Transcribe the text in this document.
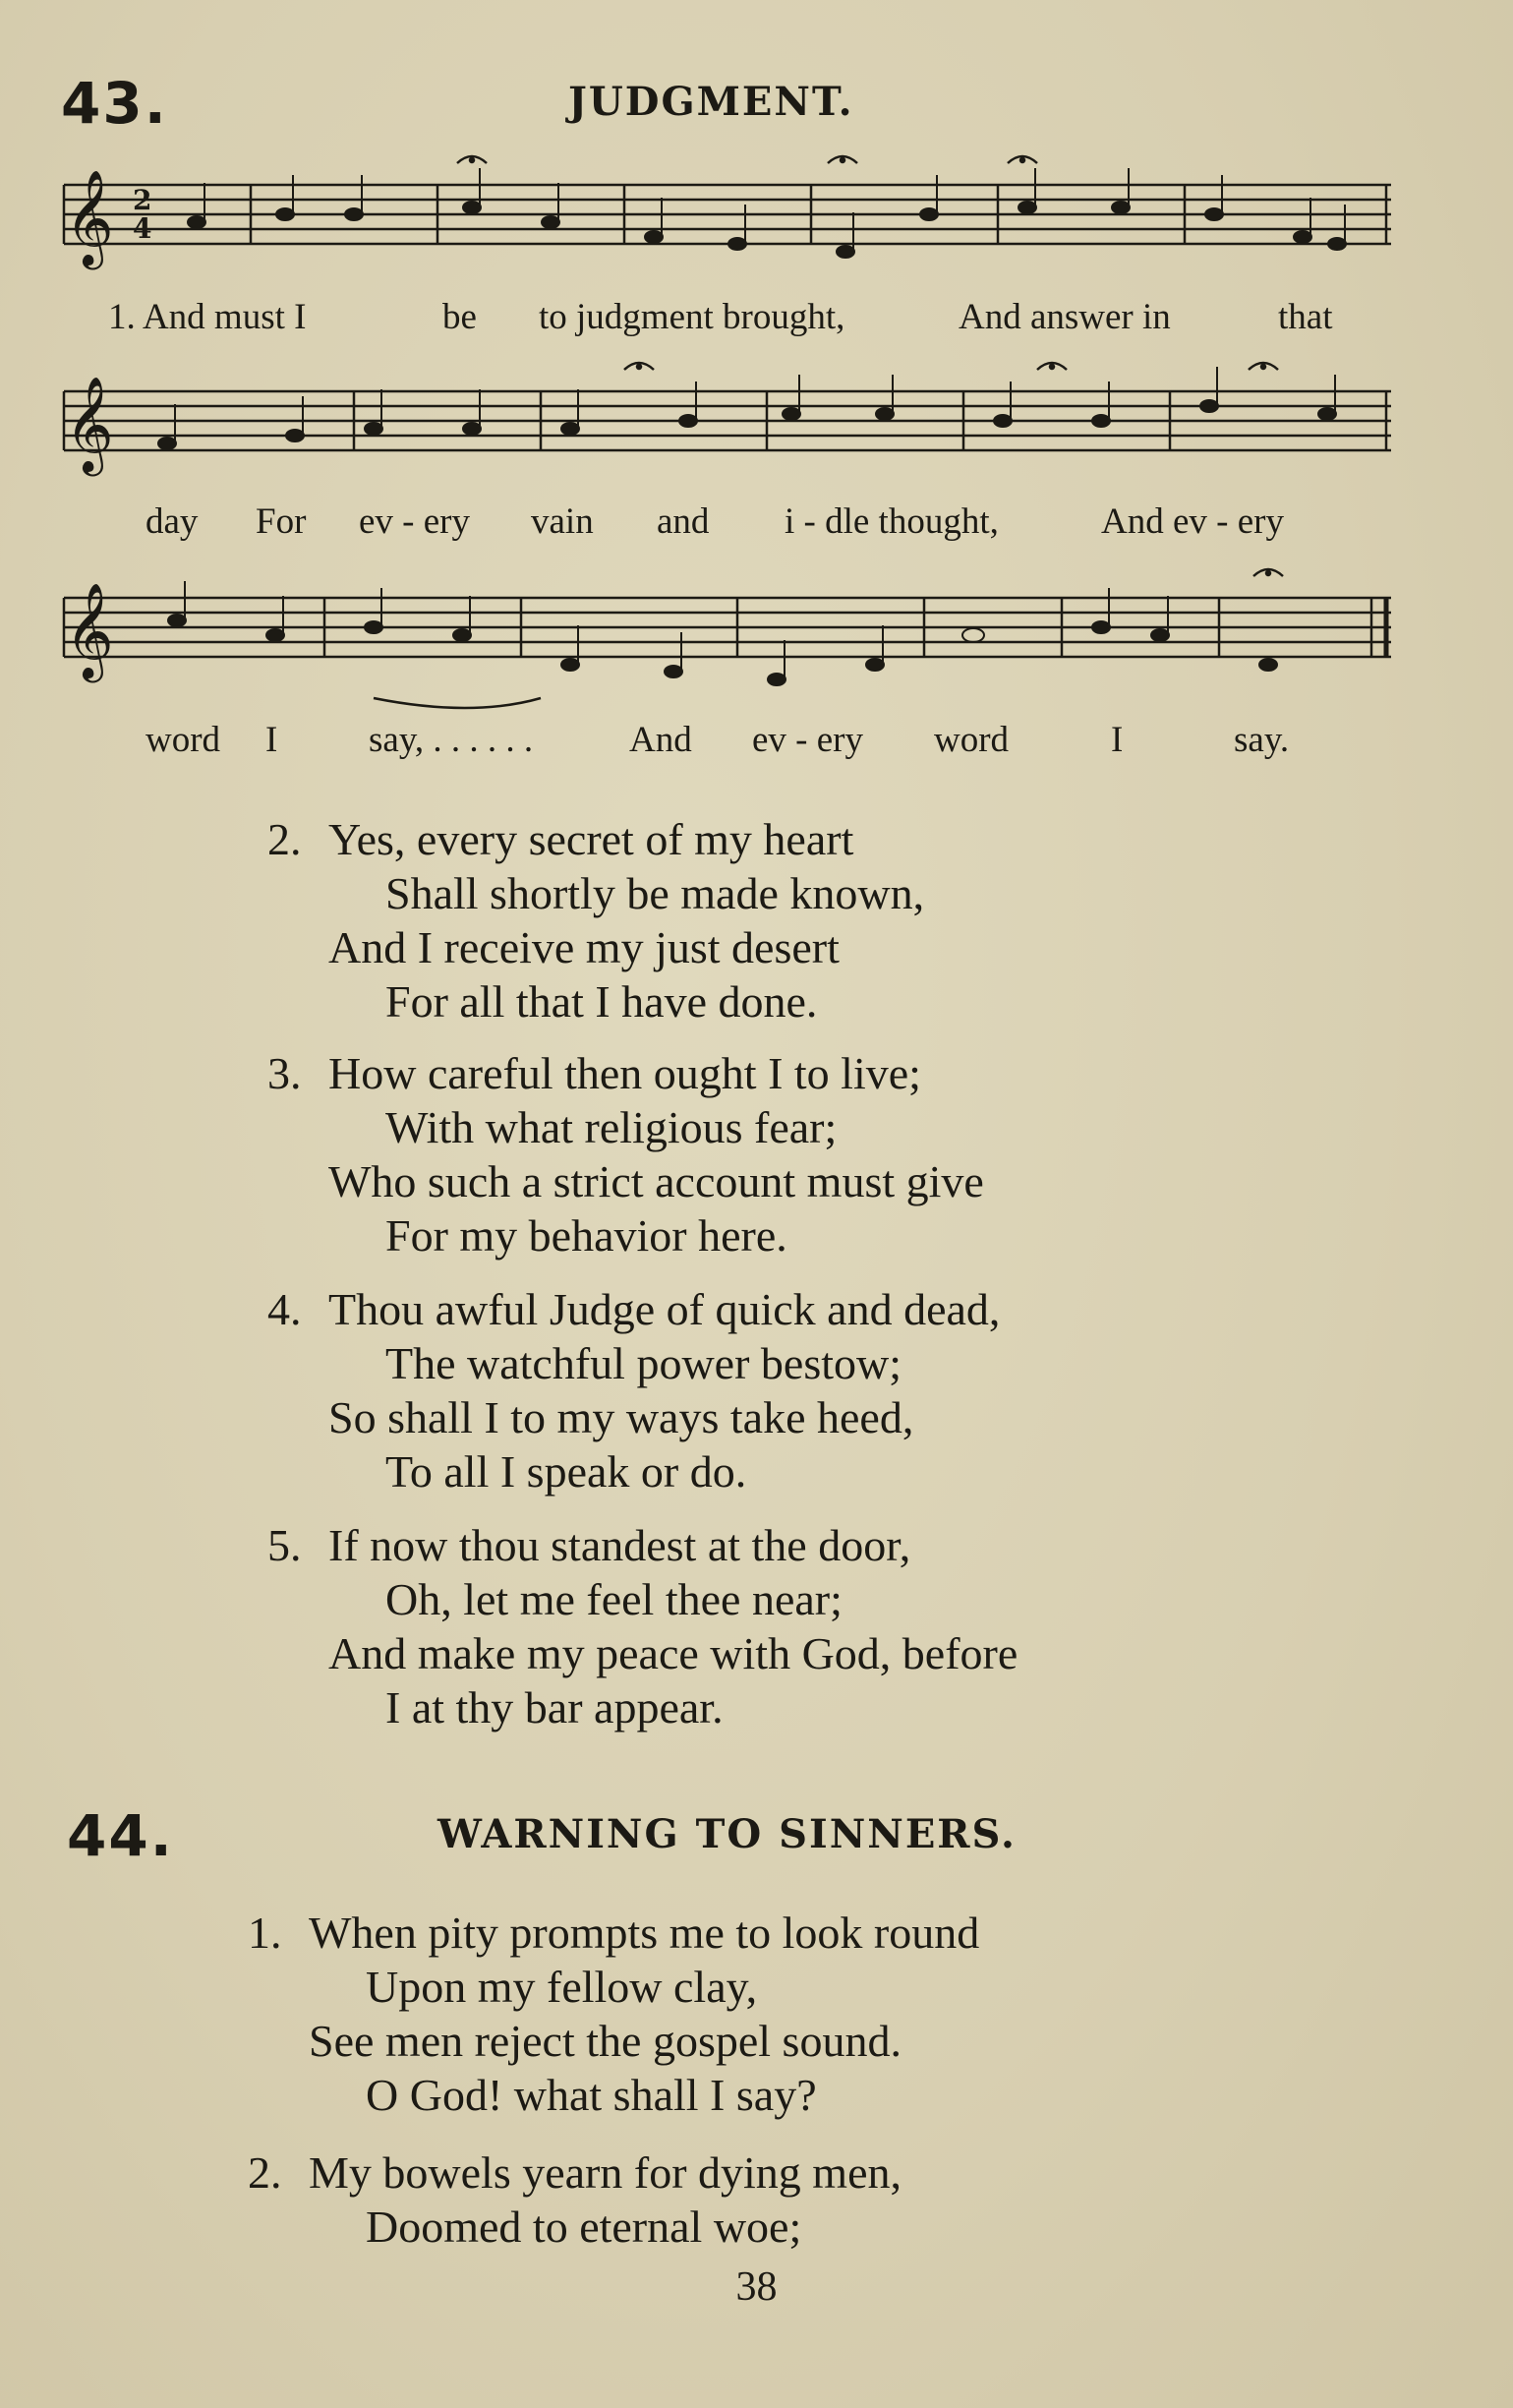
43.	JUDGMENT.
𝄞 2
4
1. And must I	be to judgment brought,	And answer in	that
𝄞
day For ev - ery vain and i - dle thought,	And ev - ery
𝄞
word I	say, . . . . . .	And ev - ery word	I	say.
2. Yes, every secret of my heart
Shall shortly be made known,
And I receive my just desert
For all that I have done.
3. How careful then ought I to live;
With what religious fear;
Who such a strict account must give
For my behavior here.
4. Thou awful Judge of quick and dead,
The watchful power bestow;
So shall I to my ways take heed,
To all I speak or do.
5. If now thou standest at the door,
Oh, let me feel thee near;
And make my peace with God, before
I at thy bar appear.
44.	WARNING TO SINNERS.
1. When pity prompts me to look round
Upon my fellow clay,
See men reject the gospel sound.
O God! what shall I say?
2. My bowels yearn for dying men,
Doomed to eternal woe;
38
